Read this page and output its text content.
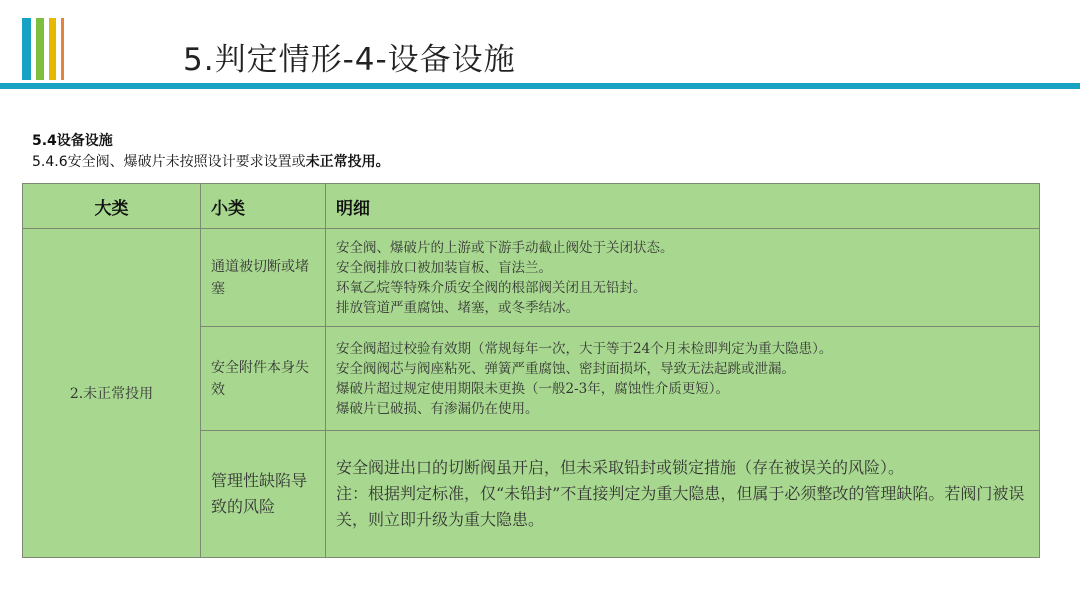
5.判定情形-4-设备设施
5.4设备设施
5.4.6安全阀、爆破片未按照设计要求设置或未正常投用。
大类	小类	明细
2.未正常投用	通道被切断或堵塞	安全阀、爆破片的上游或下游手动截止阀处于关闭状态。
安全阀排放口被加装盲板、盲法兰。
环氧乙烷等特殊介质安全阀的根部阀关闭且无铅封。
排放管道严重腐蚀、堵塞，或冬季结冰。

	安全附件本身失效	安全阀超过校验有效期（常规每年一次，大于等于24个月未检即判定为重大隐患）。
安全阀阀芯与阀座粘死、弹簧严重腐蚀、密封面损坏，导致无法起跳或泄漏。
爆破片超过规定使用期限未更换（一般2-3年，腐蚀性介质更短）。
爆破片已破损、有渗漏仍在使用。

	管理性缺陷导致的风险	安全阀进出口的切断阀虽开启，但未采取铅封或锁定措施（存在被误关的风险）。
注：根据判定标准，仅“未铅封”不直接判定为重大隐患，但属于必须整改的管理缺陷。若阀门被误关，则立即升级为重大隐患。
